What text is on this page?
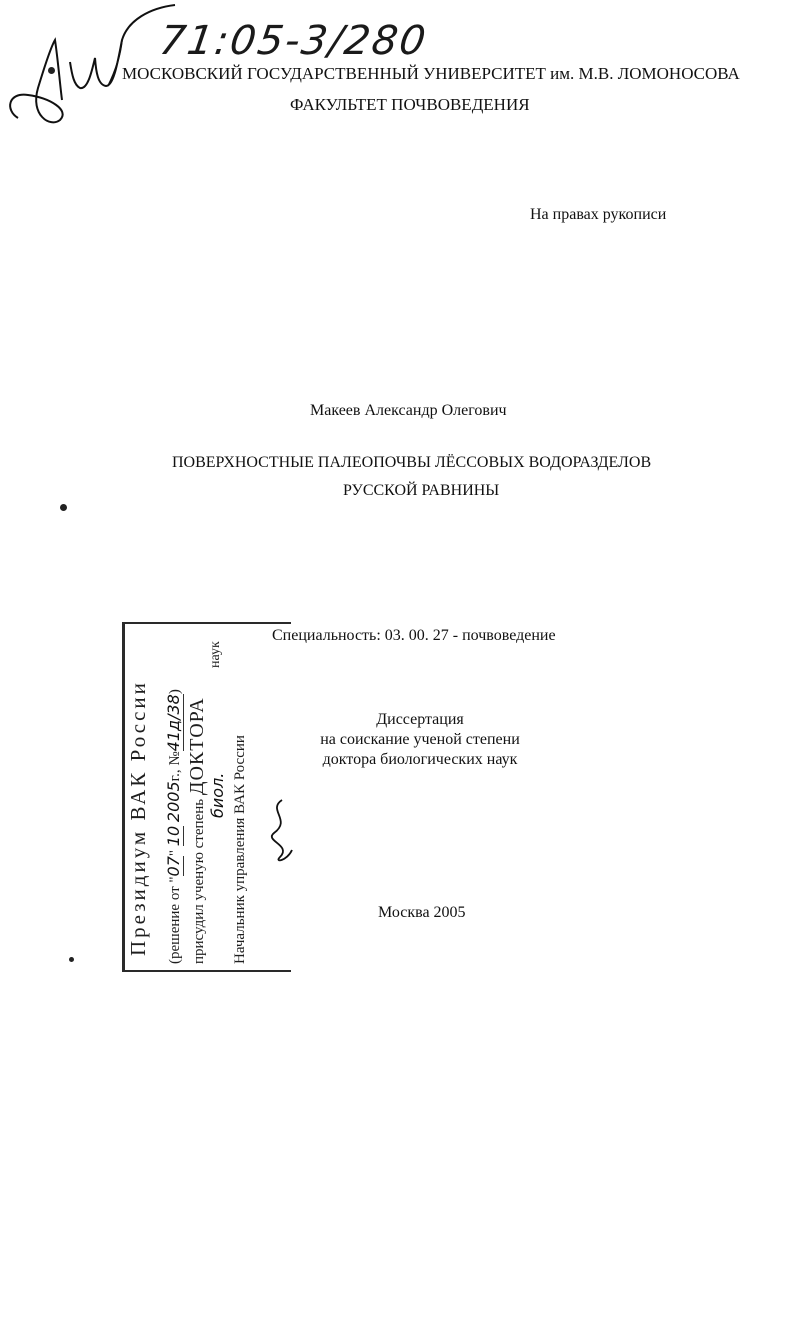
71:05-3/280
МОСКОВСКИЙ ГОСУДАРСТВЕННЫЙ УНИВЕРСИТЕТ им. М.В. ЛОМОНОСОВА
ФАКУЛЬТЕТ ПОЧВОВЕДЕНИЯ
На правах рукописи
Макеев Александр Олегович
ПОВЕРХНОСТНЫЕ ПАЛЕОПОЧВЫ ЛЁССОВЫХ ВОДОРАЗДЕЛОВ
РУССКОЙ РАВНИНЫ
Специальность: 03. 00. 27 - почвоведение
Диссертация
на соискание ученой степени
доктора биологических наук
Москва 2005
Президиум ВАК России (решение от "07" 10 2005г., №41д/38)
присудил ученую степень ДОКТОРА
биол.
наук
Начальник управления ВАК России
